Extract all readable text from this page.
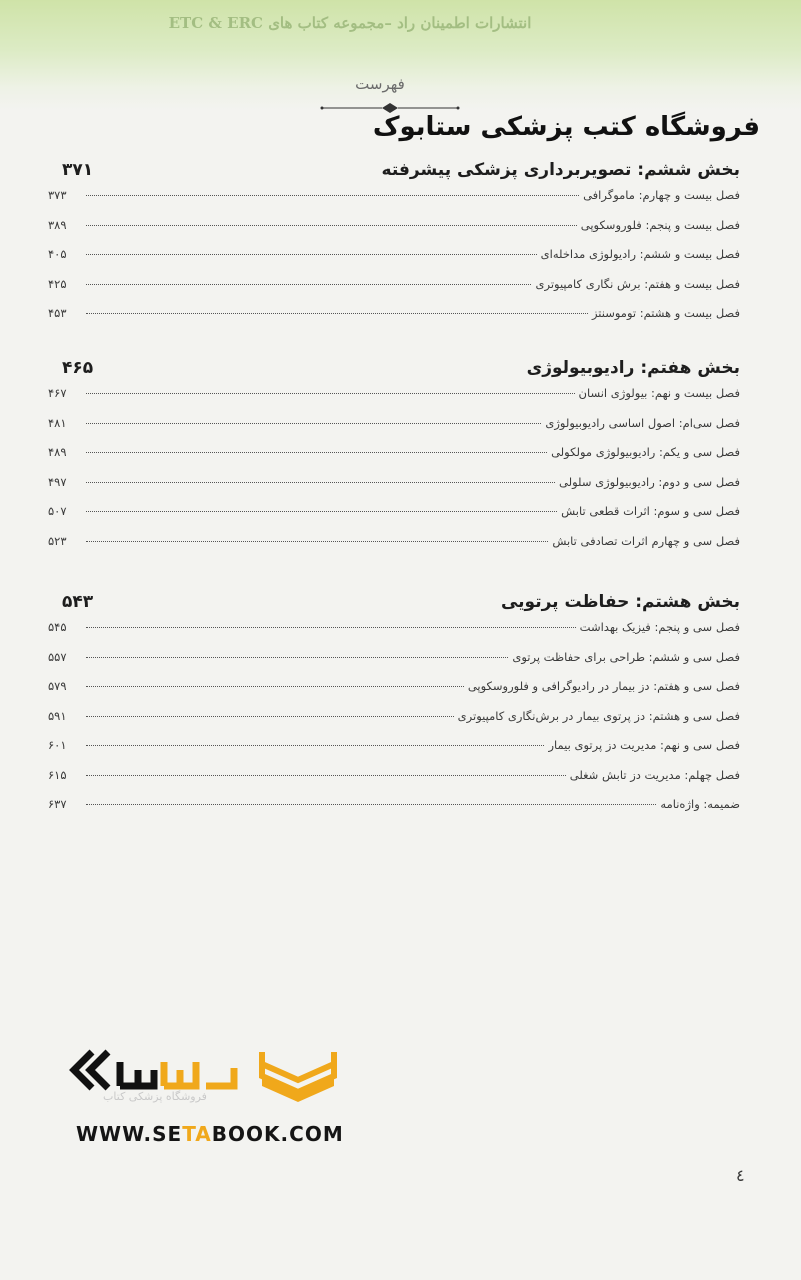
انتشارات اطمینان راد –مجموعه کتاب های ETC & ERC
فهرست
فروشگاه کتب پزشکی ستابوک
۳۷۱	بخش ششم: تصویربرداری پزشکی پیشرفته
۳۷۳	فصل بیست و چهارم: ماموگرافی
۳۸۹	فصل بیست و پنجم: فلوروسکوپی
۴۰۵	فصل بیست و ششم: رادیولوژی مداخله‌ای
۴۲۵	فصل بیست و هفتم: برش نگاری کامپیوتری
۴۵۳	فصل بیست و هشتم: توموسنتز
۴۶۵	بخش هفتم: رادیوبیولوژی
۴۶۷	فصل بیست و نهم: بیولوژی انسان
۴۸۱	فصل سی‌ام: اصول اساسی رادیوبیولوژی
۴۸۹	فصل سی و یکم: رادیوبیولوژی مولکولی
۴۹۷	فصل سی و دوم: رادیوبیولوژی سلولی
۵۰۷	فصل سی و سوم: اثرات قطعی تابش
۵۲۳	فصل سی و چهارم اثرات تصادفی تابش
۵۴۳	بخش هشتم: حفاظت پرتویی
۵۴۵	فصل سی و پنجم: فیزیک بهداشت
۵۵۷	فصل سی و ششم: طراحی برای حفاظت پرتوی
۵۷۹	فصل سی و هفتم: دز بیمار در رادیوگرافی و فلوروسکوپی
۵۹۱	فصل سی و هشتم: دز پرتوی بیمار در برش‌نگاری کامپیوتری
۶۰۱	فصل سی و نهم: مدیریت دز پرتوی بیمار
۶۱۵	فصل چهلم: مدیریت دز تابش شغلی
۶۳۷	ضمیمه: واژه‌نامه
فروشگاه پزشکی کتاب
WWW.SETABOOK.COM
٤
